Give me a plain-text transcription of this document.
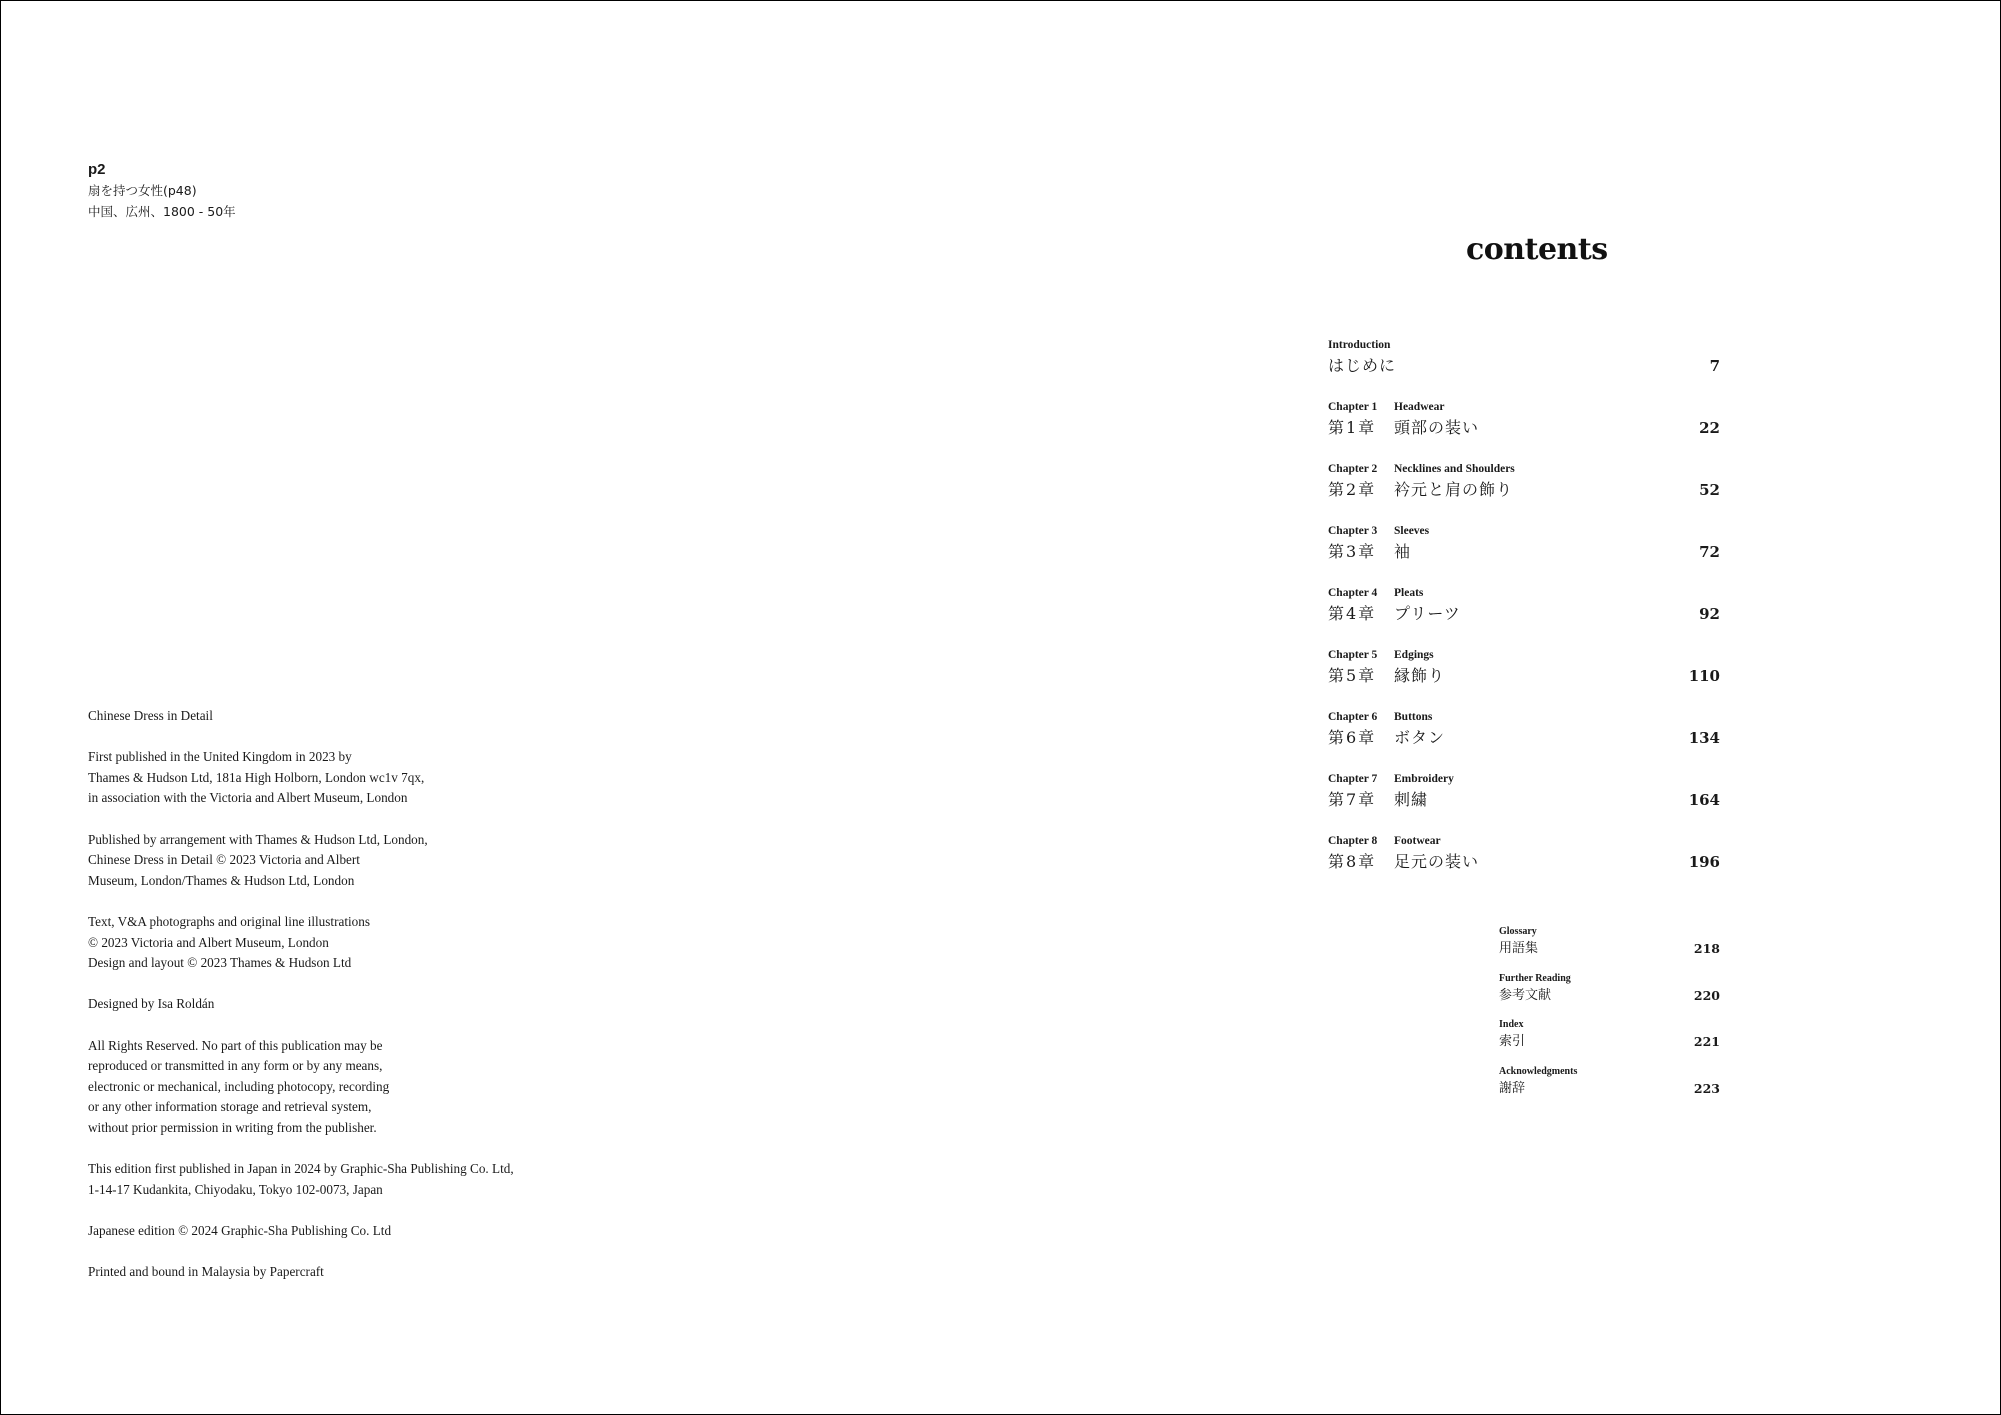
p2
扇を持つ女性(p48)
中国、広州、1800 - 50年

Chinese Dress in Detail

First published in the United Kingdom in 2023 by
Thames & Hudson Ltd, 181a High Holborn, London wc1v 7qx,
in association with the Victoria and Albert Museum, London

Published by arrangement with Thames & Hudson Ltd, London,
Chinese Dress in Detail © 2023 Victoria and Albert
Museum, London/Thames & Hudson Ltd, London

Text, V&A photographs and original line illustrations
© 2023 Victoria and Albert Museum, London
Design and layout © 2023 Thames & Hudson Ltd

Designed by Isa Roldán

All Rights Reserved. No part of this publication may be
reproduced or transmitted in any form or by any means,
electronic or mechanical, including photocopy, recording
or any other information storage and retrieval system,
without prior permission in writing from the publisher.

This edition first published in Japan in 2024 by Graphic-Sha Publishing Co. Ltd,
1-14-17 Kudankita, Chiyodaku, Tokyo 102-0073, Japan

Japanese edition © 2024 Graphic-Sha Publishing Co. Ltd

Printed and bound in Malaysia by Papercraft

contents
Introduction
はじめに	7
Chapter 1 Headwear
第1章 頭部の装い	22
Chapter 2 Necklines and Shoulders
第2章 衿元と肩の飾り	52
Chapter 3 Sleeves
第3章 袖	72
Chapter 4 Pleats
第4章 プリーツ	92
Chapter 5 Edgings
第5章 縁飾り	110
Chapter 6 Buttons
第6章 ボタン	134
Chapter 7 Embroidery
第7章 刺繍	164
Chapter 8 Footwear
第8章 足元の装い	196
Glossary
用語集	218
Further Reading
参考文献	220
Index
索引	221
Acknowledgments
謝辞	223
